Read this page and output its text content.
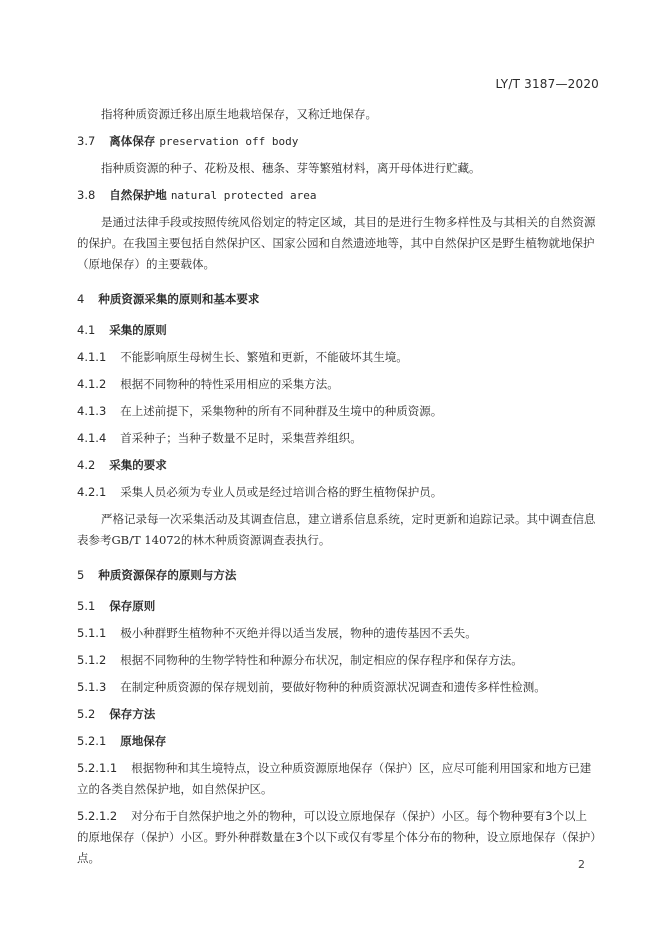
LY/T 3187—2020

指将种质资源迁移出原生地栽培保存，又称迁地保存。

3.7 离体保存 preservation off body

指种质资源的种子、花粉及根、穗条、芽等繁殖材料，离开母体进行贮藏。

3.8 自然保护地 natural protected area

是通过法律手段或按照传统风俗划定的特定区域，其目的是进行生物多样性及与其相关的自然资源的保护。在我国主要包括自然保护区、国家公园和自然遗迹地等，其中自然保护区是野生植物就地保护（原地保存）的主要载体。

4 种质资源采集的原则和基本要求

4.1 采集的原则

4.1.1 不能影响原生母树生长、繁殖和更新，不能破坏其生境。

4.1.2 根据不同物种的特性采用相应的采集方法。

4.1.3 在上述前提下，采集物种的所有不同种群及生境中的种质资源。

4.1.4 首采种子；当种子数量不足时，采集营养组织。

4.2 采集的要求

4.2.1 采集人员必须为专业人员或是经过培训合格的野生植物保护员。

严格记录每一次采集活动及其调查信息，建立谱系信息系统，定时更新和追踪记录。其中调查信息表参考GB/T 14072的林木种质资源调查表执行。

5 种质资源保存的原则与方法

5.1 保存原则

5.1.1 极小种群野生植物种不灭绝并得以适当发展，物种的遗传基因不丢失。

5.1.2 根据不同物种的生物学特性和种源分布状况，制定相应的保存程序和保存方法。

5.1.3 在制定种质资源的保存规划前，要做好物种的种质资源状况调查和遗传多样性检测。

5.2 保存方法

5.2.1 原地保存

5.2.1.1 根据物种和其生境特点，设立种质资源原地保存（保护）区，应尽可能利用国家和地方已建立的各类自然保护地，如自然保护区。

5.2.1.2 对分布于自然保护地之外的物种，可以设立原地保存（保护）小区。每个物种要有3个以上的原地保存（保护）小区。野外种群数量在3个以下或仅有零星个体分布的物种，设立原地保存（保护）点。	2
